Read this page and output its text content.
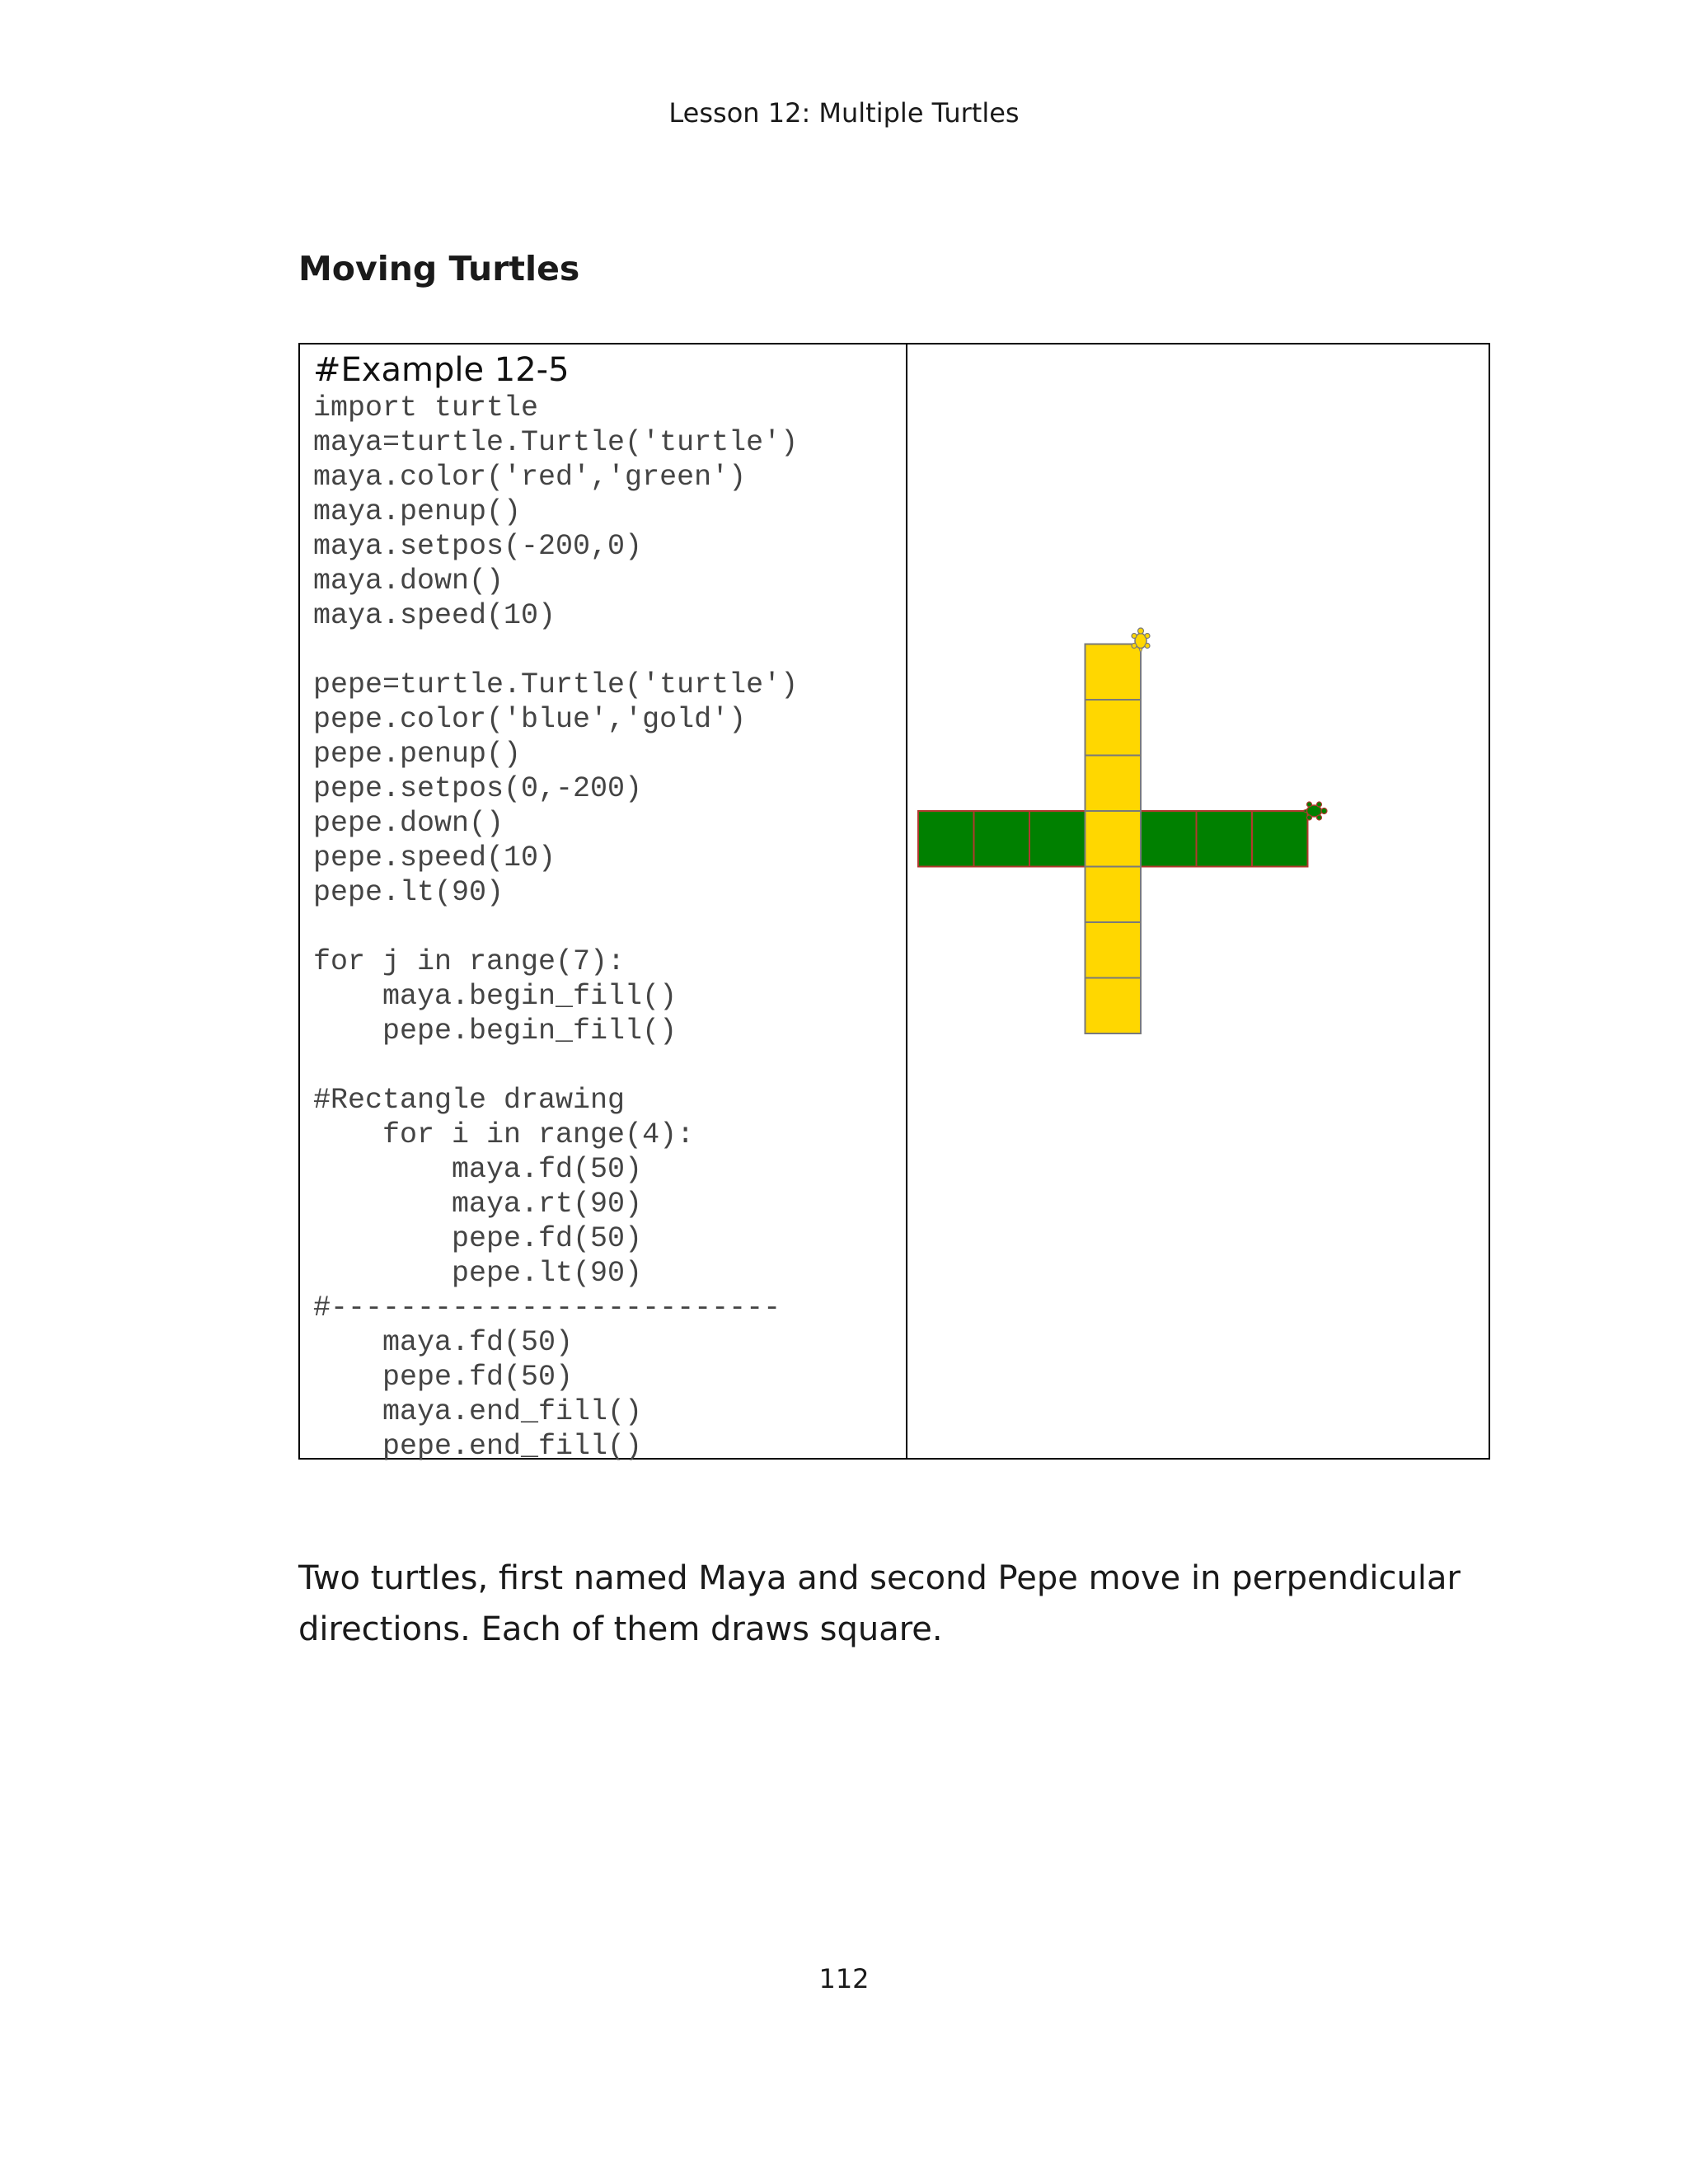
Lesson 12: Multiple Turtles
Moving Turtles
#Example 12-5
import turtle
maya=turtle.Turtle('turtle')
maya.color('red','green')
maya.penup()
maya.setpos(-200,0)
maya.down()
maya.speed(10)
pepe=turtle.Turtle('turtle')
pepe.color('blue','gold')
pepe.penup()
pepe.setpos(0,-200)
pepe.down()
pepe.speed(10)
pepe.lt(90)
for j in range(7):
maya.begin_fill()
pepe.begin_fill()
#Rectangle drawing
for i in range(4):
maya.fd(50)
maya.rt(90)
pepe.fd(50)
pepe.lt(90)
#--------------------------
maya.fd(50)
pepe.fd(50)
maya.end_fill()
pepe.end_fill()
Two turtles, first named Maya and second Pepe move in perpendicular directions. Each of them draws square.
112
